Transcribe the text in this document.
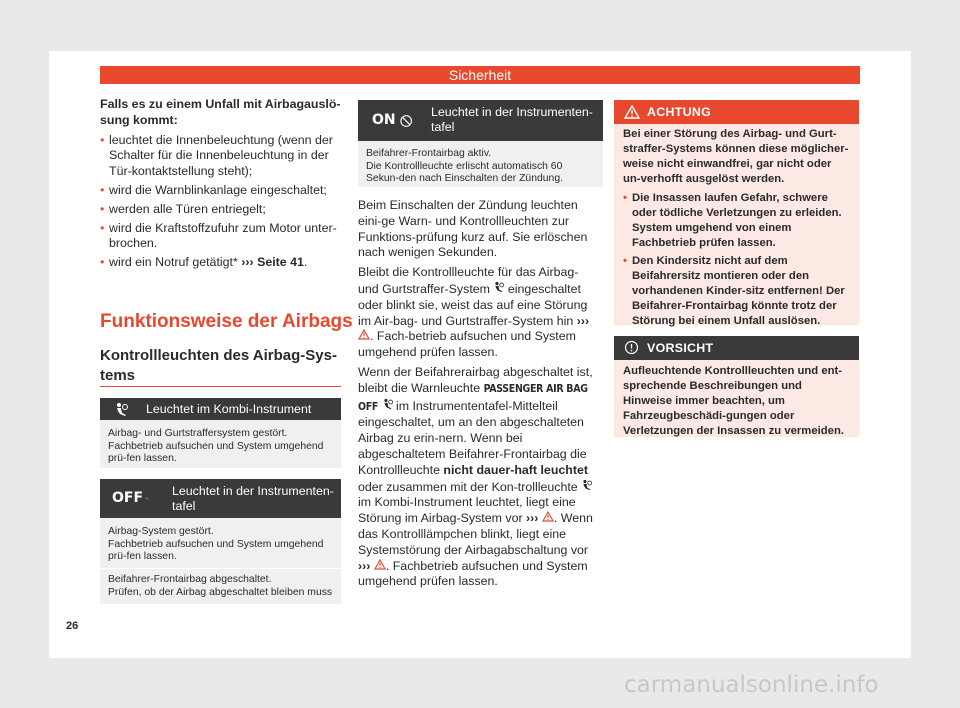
Sicherheit

Falls es zu einem Unfall mit Airbagauslö-sung kommt:

• leuchtet die Innenbeleuchtung (wenn der Schalter für die Innenbeleuchtung in der Tür-kontaktstellung steht);
• wird die Warnblinkanlage eingeschaltet;
• werden alle Türen entriegelt;
• wird die Kraftstoffzufuhr zum Motor unter-brochen.
• wird ein Notruf getätigt* ››› Seite 41.
Funktionsweise der Airbags
Kontrollleuchten des Airbag-Sys-tems
Leuchtet im Kombi-Instrument
Airbag- und Gurtstraffersystem gestört. Fachbetrieb aufsuchen und System umgehend prü-fen lassen.
OFF Leuchtet in der Instrumenten-tafel
Airbag-System gestört.
Fachbetrieb aufsuchen und System umgehend prü-fen lassen.
Beifahrer-Frontairbag abgeschaltet.
Prüfen, ob der Airbag abgeschaltet bleiben muss
ON	Leuchtet in der Instrumenten-tafel
Beifahrer-Frontairbag aktiv.
Die Kontrollleuchte erlischt automatisch 60 Sekun-den nach Einschalten der Zündung.

Beim Einschalten der Zündung leuchten eini-ge Warn- und Kontrollleuchten zur Funktions-prüfung kurz auf. Sie erlöschen nach wenigen Sekunden.

Bleibt die Kontrollleuchte für das Airbag- und Gurtstraffer-System eingeschaltet oder blinkt sie, weist das auf eine Störung im Air-bag- und Gurtstraffer-System hin ››› . Fach-betrieb aufsuchen und System umgehend prüfen lassen.

Wenn der Beifahrerairbag abgeschaltet ist, bleibt die Warnleuchte PASSENGER AIR BAG OFF im Instrumententafel-Mittelteil eingeschaltet, um an den abgeschalteten Airbag zu erin-nern. Wenn bei abgeschaltetem Beifahrer-Frontairbag die Kontrollleuchte nicht dauer-haft leuchtet oder zusammen mit der Kon-trollleuchte  im Kombi-Instrument leuchtet, liegt eine Störung im Airbag-System vor ››› . Wenn das Kontrolllämpchen blinkt, liegt eine Systemstörung der Airbagabschaltung vor ››› . Fachbetrieb aufsuchen und System umgehend prüfen lassen.

ACHTUNG

Bei einer Störung des Airbag- und Gurt-straffer-Systems können diese möglicher-weise nicht einwandfrei, gar nicht oder un-verhofft ausgelöst werden.

• Die Insassen laufen Gefahr, schwere oder tödliche Verletzungen zu erleiden. System umgehend von einem Fachbetrieb prüfen lassen.
• Den Kindersitz nicht auf dem Beifahrersitz montieren oder den vorhandenen Kinder-sitz entfernen! Der Beifahrer-Frontairbag könnte trotz der Störung bei einem Unfall auslösen.
VORSICHT
Aufleuchtende Kontrollleuchten und ent-sprechende Beschreibungen und Hinweise immer beachten, um Fahrzeugbeschädi-gungen oder Verletzungen der Insassen zu vermeiden.
26
carmanualsonline.info
